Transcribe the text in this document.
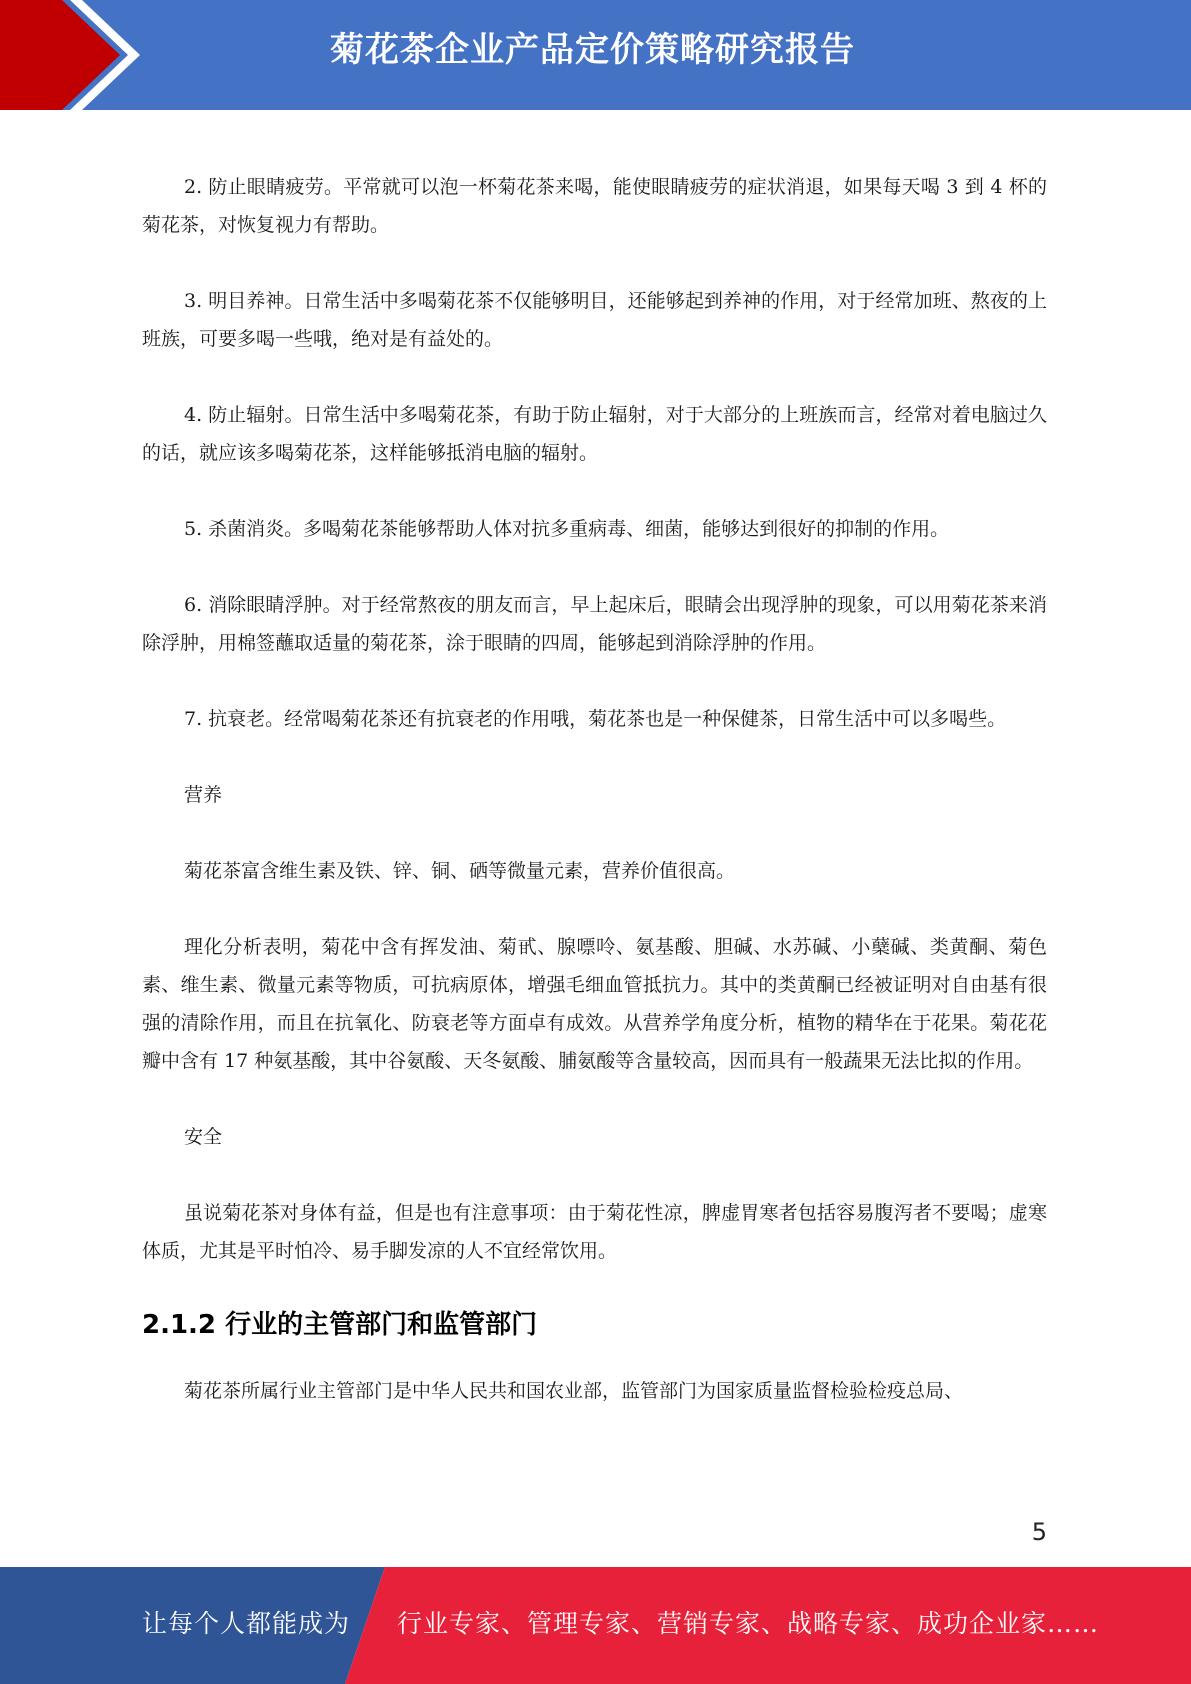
菊花茶企业产品定价策略研究报告

2. 防止眼睛疲劳。平常就可以泡一杯菊花茶来喝，能使眼睛疲劳的症状消退，如果每天喝 3 到 4 杯的菊花茶，对恢复视力有帮助。

3. 明目养神。日常生活中多喝菊花茶不仅能够明目，还能够起到养神的作用，对于经常加班、熬夜的上班族，可要多喝一些哦，绝对是有益处的。

4. 防止辐射。日常生活中多喝菊花茶，有助于防止辐射，对于大部分的上班族而言，经常对着电脑过久的话，就应该多喝菊花茶，这样能够抵消电脑的辐射。

5. 杀菌消炎。多喝菊花茶能够帮助人体对抗多重病毒、细菌，能够达到很好的抑制的作用。

6. 消除眼睛浮肿。对于经常熬夜的朋友而言，早上起床后，眼睛会出现浮肿的现象，可以用菊花茶来消除浮肿，用棉签蘸取适量的菊花茶，涂于眼睛的四周，能够起到消除浮肿的作用。

7. 抗衰老。经常喝菊花茶还有抗衰老的作用哦，菊花茶也是一种保健茶，日常生活中可以多喝些。

营养

菊花茶富含维生素及铁、锌、铜、硒等微量元素，营养价值很高。

理化分析表明，菊花中含有挥发油、菊甙、腺嘌呤、氨基酸、胆碱、水苏碱、小蘖碱、类黄酮、菊色素、维生素、微量元素等物质，可抗病原体，增强毛细血管抵抗力。其中的类黄酮已经被证明对自由基有很强的清除作用，而且在抗氧化、防衰老等方面卓有成效。从营养学角度分析，植物的精华在于花果。菊花花瓣中含有 17 种氨基酸，其中谷氨酸、天冬氨酸、脯氨酸等含量较高，因而具有一般蔬果无法比拟的作用。

安全

虽说菊花茶对身体有益，但是也有注意事项：由于菊花性凉，脾虚胃寒者包括容易腹泻者不要喝；虚寒体质，尤其是平时怕冷、易手脚发凉的人不宜经常饮用。

2.1.2 行业的主管部门和监管部门

菊花茶所属行业主管部门是中华人民共和国农业部，监管部门为国家质量监督检验检疫总局、

5
让每个人都能成为 行业专家、管理专家、营销专家、战略专家、成功企业家……
